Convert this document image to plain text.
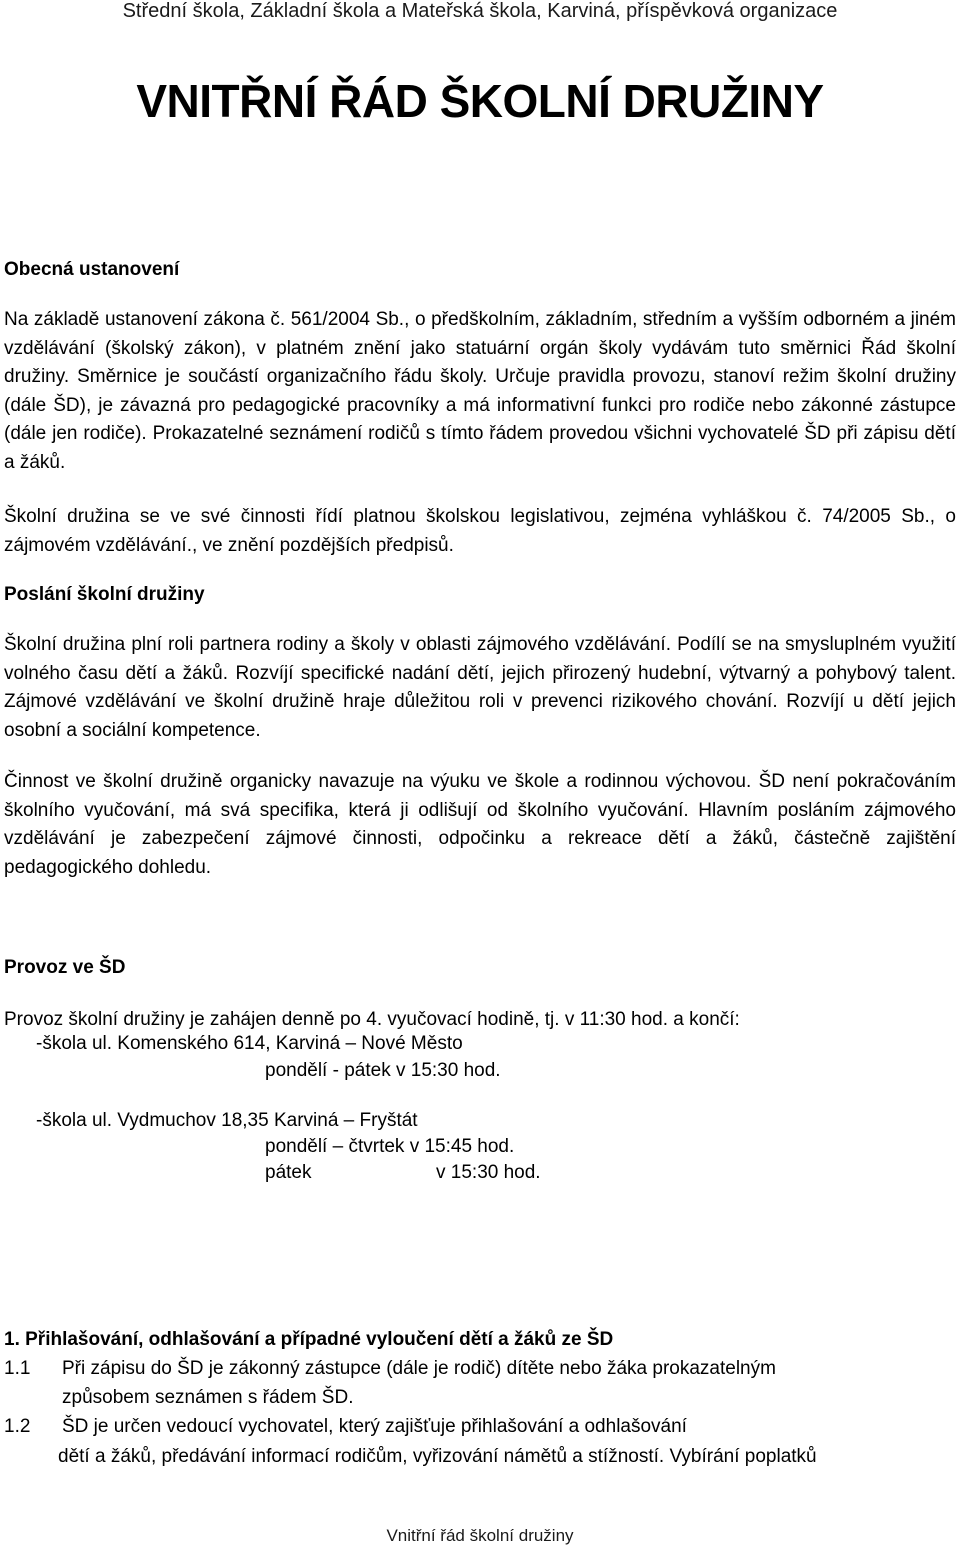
Střední škola, Základní škola a Mateřská škola, Karviná, příspěvková organizace
VNITŘNÍ ŘÁD ŠKOLNÍ DRUŽINY
Obecná ustanovení
Na základě ustanovení zákona č. 561/2004 Sb., o předškolním, základním, středním a vyšším odborném a jiném vzdělávání (školský zákon), v platném znění jako statuární orgán školy vydávám tuto směrnici Řád školní družiny. Směrnice je součástí organizačního řádu školy. Určuje pravidla provozu, stanoví režim školní družiny (dále ŠD), je závazná pro pedagogické pracovníky a má informativní funkci pro rodiče nebo zákonné zástupce (dále jen rodiče). Prokazatelné seznámení rodičů s tímto řádem provedou všichni vychovatelé ŠD při zápisu dětí a žáků.
Školní družina se ve své činnosti řídí platnou školskou legislativou, zejména vyhláškou č. 74/2005 Sb., o zájmovém vzdělávání., ve znění pozdějších předpisů.
Poslání školní družiny
Školní družina plní roli partnera rodiny a školy v oblasti zájmového vzdělávání. Podílí se na smysluplném využití volného času dětí a žáků. Rozvíjí specifické nadání dětí, jejich přirozený hudební, výtvarný a pohybový talent. Zájmové vzdělávání ve školní družině hraje důležitou roli v prevenci rizikového chování. Rozvíjí u dětí jejich osobní a sociální kompetence.
Činnost ve školní družině organicky navazuje na výuku ve škole a rodinnou výchovou. ŠD není pokračováním školního vyučování, má svá specifika, která ji odlišují od školního vyučování. Hlavním posláním zájmového vzdělávání je zabezpečení zájmové činnosti, odpočinku a rekreace dětí a žáků, částečně zajištění pedagogického dohledu.
Provoz ve ŠD
Provoz školní družiny je zahájen denně po 4. vyučovací hodině, tj. v 11:30 hod. a končí:
-škola ul. Komenského 614, Karviná – Nové Město
pondělí - pátek v 15:30 hod.
-škola ul. Vydmuchov 18,35 Karviná – Fryštát
pondělí – čtvrtek v 15:45 hod.
pátek	v 15:30 hod.
1. Přihlašování, odhlašování a případné vyloučení dětí a žáků ze ŠD
1.1 Při zápisu do ŠD je zákonný zástupce (dále je rodič) dítěte nebo žáka prokazatelným
způsobem seznámen s řádem ŠD.
1.2 ŠD je určen vedoucí vychovatel, který zajišťuje přihlašování a odhlašování
dětí a žáků, předávání informací rodičům, vyřizování námětů a stížností. Vybírání poplatků
Vnitřní řád školní družiny
